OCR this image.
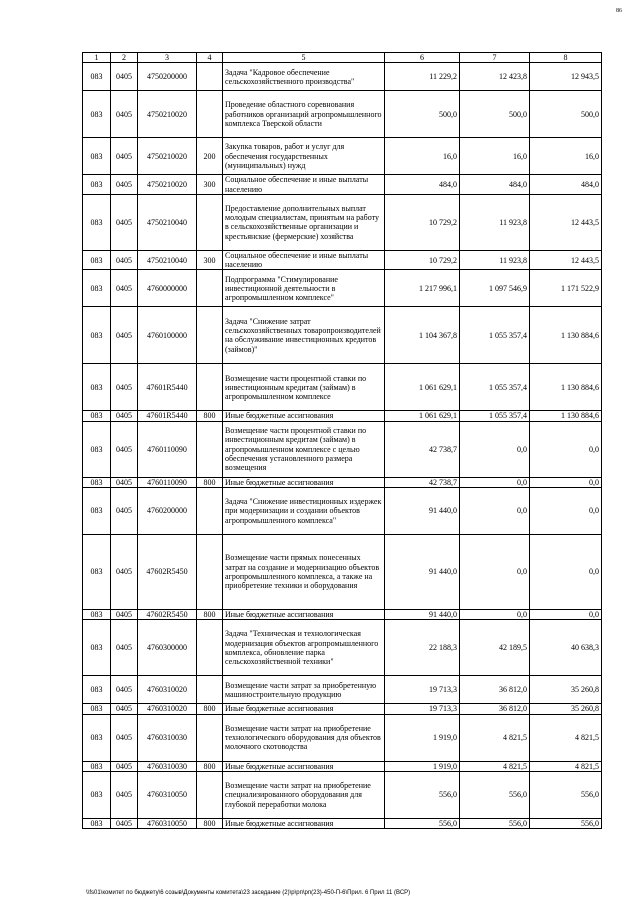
86
1	2	3	4	5	6	7	8
083	0405	4750200000		Задача "Кадровое обеспечение сельскохозяйственного производства"	11 229,2	12 423,8	12 943,5
083	0405	4750210020		Проведение областного соревнования работников организаций агропромышленного комплекса Тверской области	500,0	500,0	500,0
083	0405	4750210020	200	Закупка товаров, работ и услуг для обеспечения государственных (муниципальных) нужд	16,0	16,0	16,0
083	0405	4750210020	300	Социальное обеспечение и иные выплаты населению	484,0	484,0	484,0
083	0405	4750210040		Предоставление дополнительных выплат молодым специалистам, принятым на работу в сельскохозяйственные организации и крестьянские (фермерские) хозяйства	10 729,2	11 923,8	12 443,5
083	0405	4750210040	300	Социальное обеспечение и иные выплаты населению	10 729,2	11 923,8	12 443,5
083	0405	4760000000		Подпрограмма "Стимулирование инвестиционной деятельности в агропромышленном комплексе"	1 217 996,1	1 097 546,9	1 171 522,9
083	0405	4760100000		Задача "Снижение затрат сельскохозяйственных товаропроизводителей на обслуживание инвестиционных кредитов (займов)"	1 104 367,8	1 055 357,4	1 130 884,6
083	0405	47601R5440		Возмещение части процентной ставки по инвестиционным кредитам (займам) в агропромышленном комплексе	1 061 629,1	1 055 357,4	1 130 884,6
083	0405	47601R5440	800	Иные бюджетные ассигнования	1 061 629,1	1 055 357,4	1 130 884,6
083	0405	4760110090		Возмещение части процентной ставки по инвестиционным кредитам (займам) в агропромышленном комплексе с целью обеспечения установленного размера возмещения	42 738,7	0,0	0,0
083	0405	4760110090	800	Иные бюджетные ассигнования	42 738,7	0,0	0,0
083	0405	4760200000		Задача "Снижение инвестиционных издержек при модернизации и создании объектов агропромышленного комплекса"	91 440,0	0,0	0,0
083	0405	47602R5450		Возмещение части прямых понесенных затрат на создание и модернизацию объектов агропромышленного комплекса, а также на приобретение техники и оборудования	91 440,0	0,0	0,0
083	0405	47602R5450	800	Иные бюджетные ассигнования	91 440,0	0,0	0,0
083	0405	4760300000		Задача "Техническая и технологическая модернизация объектов агропромышленного комплекса, обновление парка сельскохозяйственной техники"	22 188,3	42 189,5	40 638,3
083	0405	4760310020		Возмещение части затрат за приобретенную машиностроительную продукцию	19 713,3	36 812,0	35 260,8
083	0405	4760310020	800	Иные бюджетные ассигнования	19 713,3	36 812,0	35 260,8
083	0405	4760310030		Возмещение части затрат на приобретение технологического оборудования для объектов молочного скотоводства	1 919,0	4 821,5	4 821,5
083	0405	4760310030	800	Иные бюджетные ассигнования	1 919,0	4 821,5	4 821,5
083	0405	4760310050		Возмещение части затрат на приобретение специализированного оборудования для глубокой переработки молока	556,0	556,0	556,0
083	0405	4760310050	800	Иные бюджетные ассигнования	556,0	556,0	556,0
\\fs01\комитет по бюджету\6 созыв\Документы комитета\23 заседание (2)\р\рп\рп(23)-450-П-6\Прил. 6 Прил 11 (ВСР)
